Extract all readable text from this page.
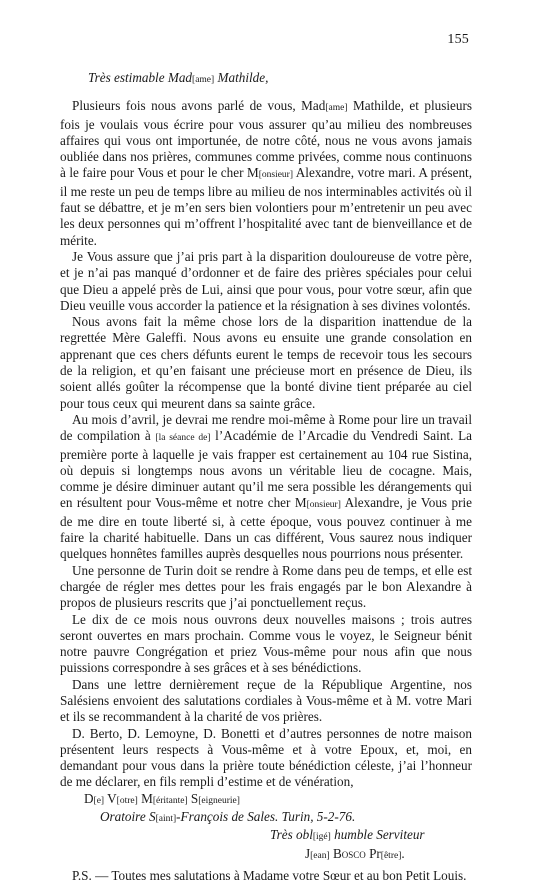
155

Très estimable Mad[ame] Mathilde,

Plusieurs fois nous avons parlé de vous, Mad[ame] Mathilde, et plusieurs fois je voulais vous écrire pour vous assurer qu’au milieu des nombreuses affaires qui vous ont importunée, de notre côté, nous ne vous avons jamais oubliée dans nos prières, communes comme privées, comme nous continuons à le faire pour Vous et pour le cher M[onsieur] Alexandre, votre mari. A présent, il me reste un peu de temps libre au milieu de nos interminables activités où il faut se débattre, et je m’en sers bien volontiers pour m’entretenir un peu avec les deux personnes qui m’offrent l’hospitalité avec tant de bienveillance et de mérite.

Je Vous assure que j’ai pris part à la disparition douloureuse de votre père, et je n’ai pas manqué d’ordonner et de faire des prières spéciales pour celui que Dieu a appelé près de Lui, ainsi que pour vous, pour votre sœur, afin que Dieu veuille vous accorder la patience et la résignation à ses divines volontés.

Nous avons fait la même chose lors de la disparition inattendue de la regrettée Mère Galeffi. Nous avons eu ensuite une grande consolation en apprenant que ces chers défunts eurent le temps de recevoir tous les secours de la religion, et qu’en faisant une précieuse mort en présence de Dieu, ils soient allés goûter la récompense que la bonté divine tient préparée au ciel pour tous ceux qui meurent dans sa sainte grâce.

Au mois d’avril, je devrai me rendre moi-même à Rome pour lire un travail de compilation à [la séance de] l’Académie de l’Arcadie du Vendredi Saint. La première porte à laquelle je vais frapper est certainement au 104 rue Sistina, où depuis si longtemps nous avons un véritable lieu de cocagne. Mais, comme je désire diminuer autant qu’il me sera possible les dérangements qui en résultent pour Vous-même et notre cher M[onsieur] Alexandre, je Vous prie de me dire en toute liberté si, à cette époque, vous pouvez continuer à me faire la charité habituelle. Dans un cas différent, Vous saurez nous indiquer quelques honnêtes familles auprès desquelles nous pourrions nous présenter.

Une personne de Turin doit se rendre à Rome dans peu de temps, et elle est chargée de régler mes dettes pour les frais engagés par le bon Alexandre à propos de plusieurs rescrits que j’ai ponctuellement reçus.

Le dix de ce mois nous ouvrons deux nouvelles maisons ; trois autres seront ouvertes en mars prochain. Comme vous le voyez, le Seigneur bénit notre pauvre Congrégation et priez Vous-même pour nous afin que nous puissions correspondre à ses grâces et à ses bénédictions.

Dans une lettre dernièrement reçue de la République Argentine, nos Salésiens envoient des salutations cordiales à Vous-même et à M. votre Mari et ils se recommandent à la charité de vos prières.

D. Berto, D. Lemoyne, D. Bonetti et d’autres personnes de notre maison présentent leurs respects à Vous-même et à votre Epoux, et, moi, en demandant pour vous dans la prière toute bénédiction céleste, j’ai l’honneur de me déclarer, en fils rempli d’estime et de vénération,

D[e] V[otre] M[éritante] S[eigneurie]

Oratoire S[aint]-François de Sales. Turin, 5-2-76.

Très obl[igé] humble Serviteur

J[ean] Bosco Pr[être].

P.S. — Toutes mes salutations à Madame votre Sœur et au bon Petit Louis.
